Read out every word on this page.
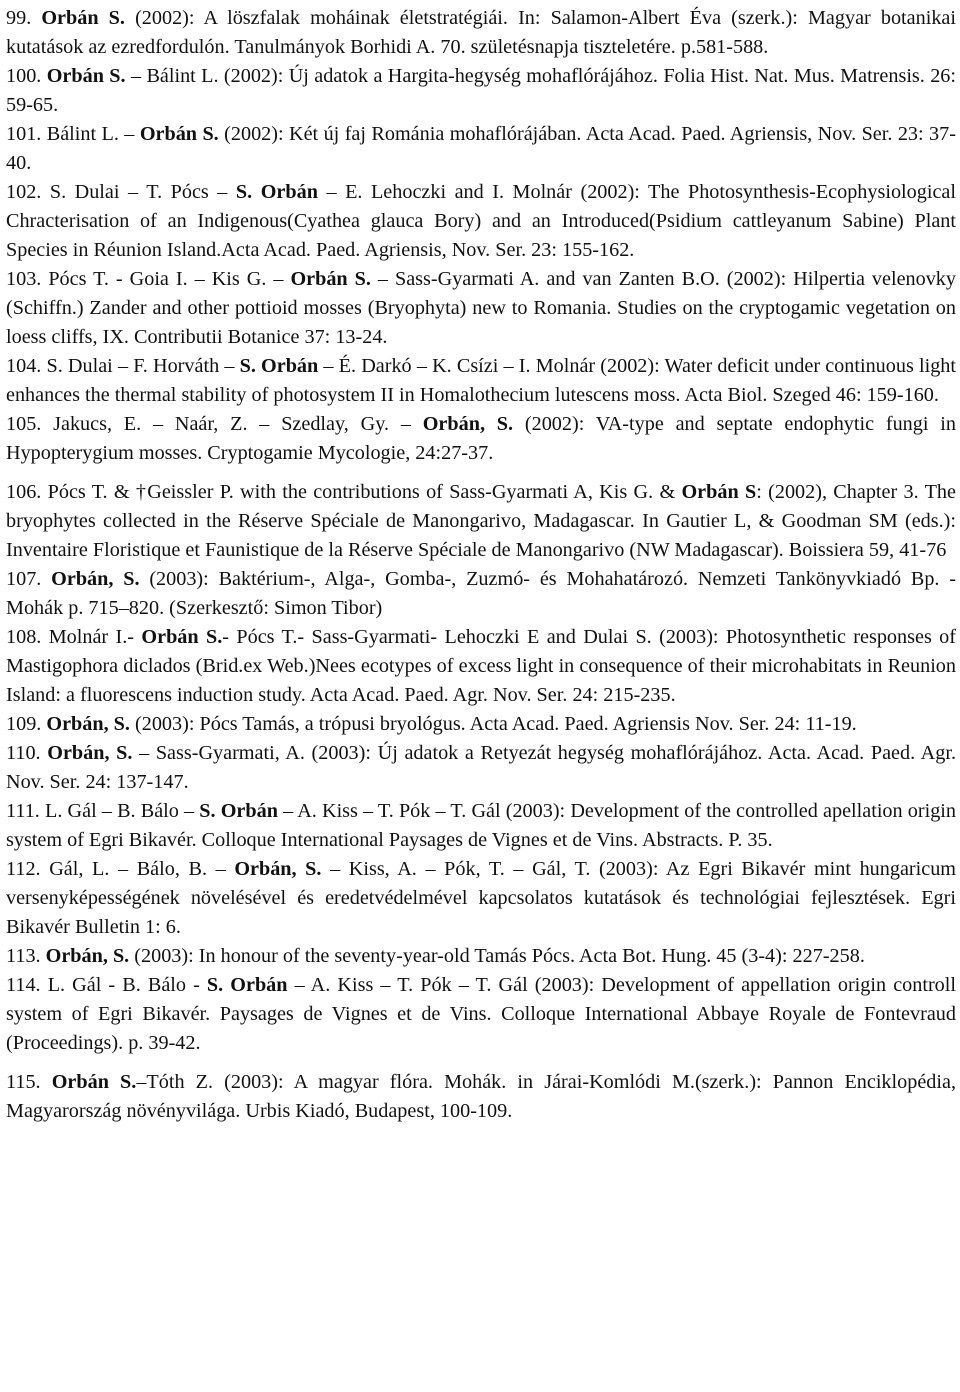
99. Orbán S. (2002): A löszfalak moháinak életstratégiái. In: Salamon-Albert Éva (szerk.): Magyar botanikai kutatások az ezredfordulón. Tanulmányok Borhidi A. 70. születésnapja tiszteletére. p.581-588.

100. Orbán S. – Bálint L. (2002): Új adatok a Hargita-hegység mohaflórájához. Folia Hist. Nat. Mus. Matrensis. 26: 59-65.

101. Bálint L. – Orbán S. (2002): Két új faj Románia mohaflórájában. Acta Acad. Paed. Agriensis, Nov. Ser. 23: 37-40.

102. S. Dulai – T. Pócs – S. Orbán – E. Lehoczki and I. Molnár (2002): The Photosynthesis-Ecophysiological Chracterisation of an Indigenous(Cyathea glauca Bory) and an Introduced(Psidium cattleyanum Sabine) Plant Species in Réunion Island.Acta Acad. Paed. Agriensis, Nov. Ser. 23: 155-162.

103. Pócs T. - Goia I. – Kis G. – Orbán S. – Sass-Gyarmati A. and van Zanten B.O. (2002): Hilpertia velenovky (Schiffn.) Zander and other pottioid mosses (Bryophyta) new to Romania. Studies on the cryptogamic vegetation on loess cliffs, IX. Contributii Botanice 37: 13-24.

104. S. Dulai – F. Horváth – S. Orbán – É. Darkó – K. Csízi – I. Molnár (2002): Water deficit under continuous light enhances the thermal stability of photosystem II in Homalothecium lutescens moss. Acta Biol. Szeged 46: 159-160.

105. Jakucs, E. – Naár, Z. – Szedlay, Gy. – Orbán, S. (2002): VA-type and septate endophytic fungi in Hypopterygium mosses. Cryptogamie Mycologie, 24:27-37.

106. Pócs T. & †Geissler P. with the contributions of Sass-Gyarmati A, Kis G. & Orbán S: (2002), Chapter 3. The bryophytes collected in the Réserve Spéciale de Manongarivo, Madagascar. In Gautier L, & Goodman SM (eds.): Inventaire Floristique et Faunistique de la Réserve Spéciale de Manongarivo (NW Madagascar). Boissiera 59, 41-76

107. Orbán, S. (2003): Baktérium-, Alga-, Gomba-, Zuzmó- és Mohahatározó. Nemzeti Tankönyvkiadó Bp. - Mohák p. 715–820. (Szerkesztő: Simon Tibor)

108. Molnár I.- Orbán S.- Pócs T.- Sass-Gyarmati- Lehoczki E and Dulai S. (2003): Photosynthetic responses of Mastigophora diclados (Brid.ex Web.)Nees ecotypes of excess light in consequence of their microhabitats in Reunion Island: a fluorescens induction study. Acta Acad. Paed. Agr. Nov. Ser. 24: 215-235.

109. Orbán, S. (2003): Pócs Tamás, a trópusi bryológus. Acta Acad. Paed. Agriensis Nov. Ser. 24: 11-19.

110. Orbán, S. – Sass-Gyarmati, A. (2003): Új adatok a Retyezát hegység mohaflórájához. Acta. Acad. Paed. Agr. Nov. Ser. 24: 137-147.

111. L. Gál – B. Bálo – S. Orbán – A. Kiss – T. Pók – T. Gál (2003): Development of the controlled apellation origin system of Egri Bikavér. Colloque International Paysages de Vignes et de Vins. Abstracts. P. 35.

112. Gál, L. – Bálo, B. – Orbán, S. – Kiss, A. – Pók, T. – Gál, T. (2003): Az Egri Bikavér mint hungaricum versenyképességének növelésével és eredetvédelmével kapcsolatos kutatások és technológiai fejlesztések. Egri Bikavér Bulletin 1: 6.

113. Orbán, S. (2003): In honour of the seventy-year-old Tamás Pócs. Acta Bot. Hung. 45 (3-4): 227-258.

114. L. Gál - B. Bálo - S. Orbán – A. Kiss – T. Pók – T. Gál (2003): Development of appellation origin controll system of Egri Bikavér. Paysages de Vignes et de Vins. Colloque International Abbaye Royale de Fontevraud (Proceedings). p. 39-42.

115. Orbán S.–Tóth Z. (2003): A magyar flóra. Mohák. in Járai-Komlódi M.(szerk.): Pannon Enciklopédia, Magyarország növényvilága. Urbis Kiadó, Budapest, 100-109.
